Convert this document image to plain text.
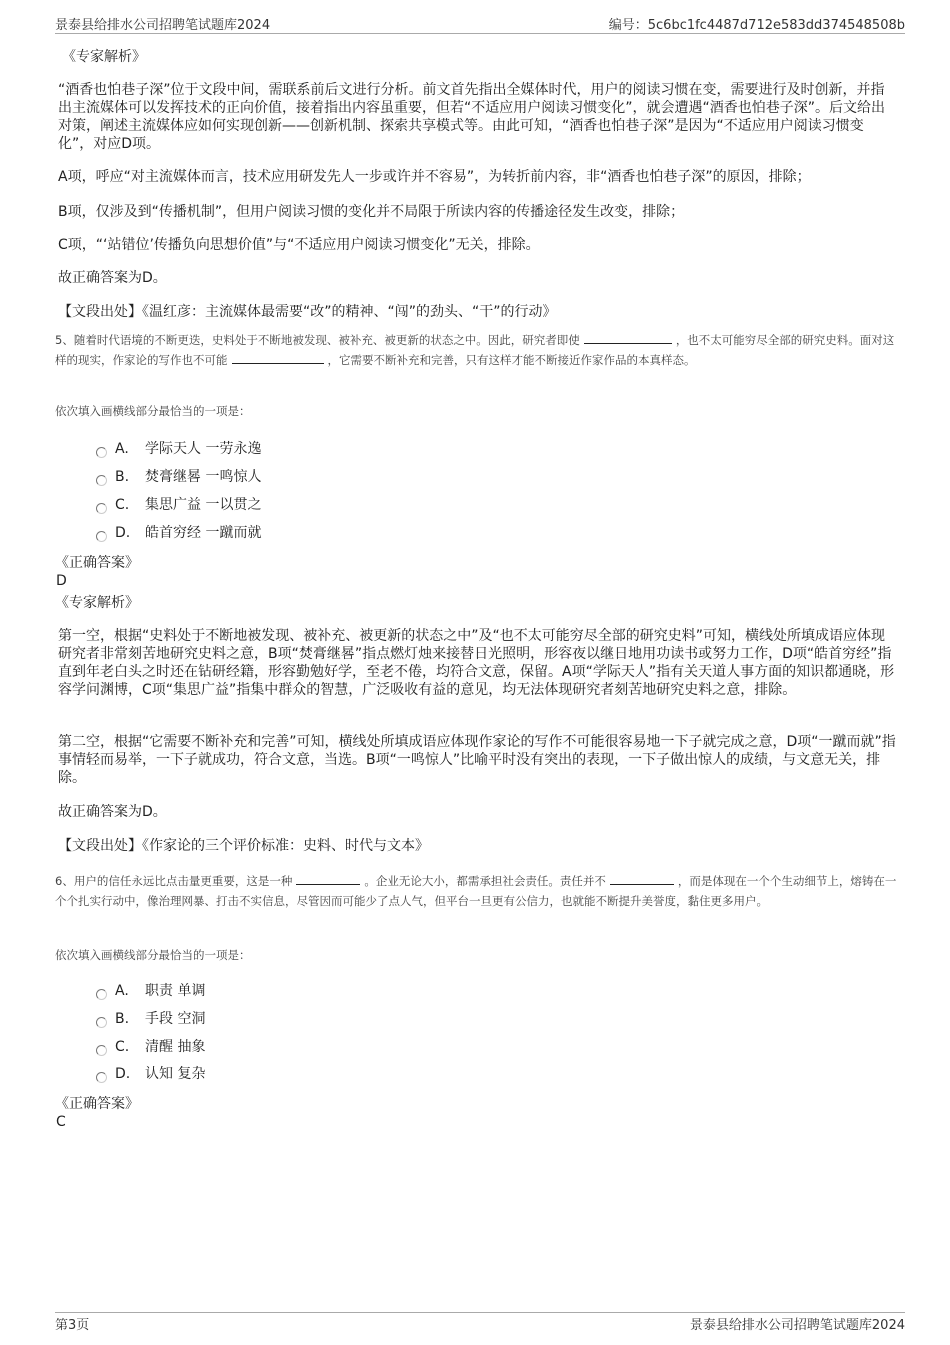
景泰县给排水公司招聘笔试题库2024	编号：5c6bc1fc4487d712e583dd374548508b
《专家解析》
“酒香也怕巷子深”位于文段中间，需联系前后文进行分析。前文首先指出全媒体时代，用户的阅读习惯在变，需要进行及时创新，并指出主流媒体可以发挥技术的正向价值，接着指出内容虽重要，但若“不适应用户阅读习惯变化”，就会遭遇“酒香也怕巷子深”。后文给出对策，阐述主流媒体应如何实现创新——创新机制、探索共享模式等。由此可知，“酒香也怕巷子深”是因为“不适应用户阅读习惯变化”，对应D项。
A项，呼应“对主流媒体而言，技术应用研发先人一步或许并不容易”，为转折前内容，非“酒香也怕巷子深”的原因，排除；
B项，仅涉及到“传播机制”，但用户阅读习惯的变化并不局限于所读内容的传播途径发生改变，排除；
C项，“‘站错位’传播负向思想价值”与“不适应用户阅读习惯变化”无关，排除。
故正确答案为D。
【文段出处】《温红彦：主流媒体最需要“改”的精神、“闯”的劲头、“干”的行动》
5、随着时代语境的不断更迭，史料处于不断地被发现、被补充、被更新的状态之中。因此，研究者即使	，也不太可能穷尽全部的研究史料。面对这样的现实，作家论的写作也不可能	，它需要不断补充和完善，只有这样才能不断接近作家作品的本真样态。
依次填入画横线部分最恰当的一项是：
A.	学际天人 一劳永逸
B.	焚膏继晷 一鸣惊人
C.	集思广益 一以贯之
D.	皓首穷经 一蹴而就
《正确答案》
D
《专家解析》
第一空，根据“史料处于不断地被发现、被补充、被更新的状态之中”及“也不太可能穷尽全部的研究史料”可知，横线处所填成语应体现研究者非常刻苦地研究史料之意，B项“焚膏继晷”指点燃灯烛来接替日光照明，形容夜以继日地用功读书或努力工作，D项“皓首穷经”指直到年老白头之时还在钻研经籍，形容勤勉好学，至老不倦，均符合文意，保留。A项“学际天人”指有关天道人事方面的知识都通晓，形容学问渊博，C项“集思广益”指集中群众的智慧，广泛吸收有益的意见，均无法体现研究者刻苦地研究史料之意，排除。
第二空，根据“它需要不断补充和完善”可知，横线处所填成语应体现作家论的写作不可能很容易地一下子就完成之意，D项“一蹴而就”指事情轻而易举，一下子就成功，符合文意，当选。B项“一鸣惊人”比喻平时没有突出的表现，一下子做出惊人的成绩，与文意无关，排除。
故正确答案为D。
【文段出处】《作家论的三个评价标准：史料、时代与文本》
6、用户的信任永远比点击量更重要，这是一种	。企业无论大小，都需承担社会责任。责任并不	，而是体现在一个个生动细节上，熔铸在一个个扎实行动中，像治理网暴、打击不实信息，尽管因而可能少了点人气，但平台一旦更有公信力，也就能不断提升美誉度，黏住更多用户。
依次填入画横线部分最恰当的一项是：
A.	职责 单调
B.	手段 空洞
C.	清醒 抽象
D.	认知 复杂
《正确答案》
C
第3页	景泰县给排水公司招聘笔试题库2024
